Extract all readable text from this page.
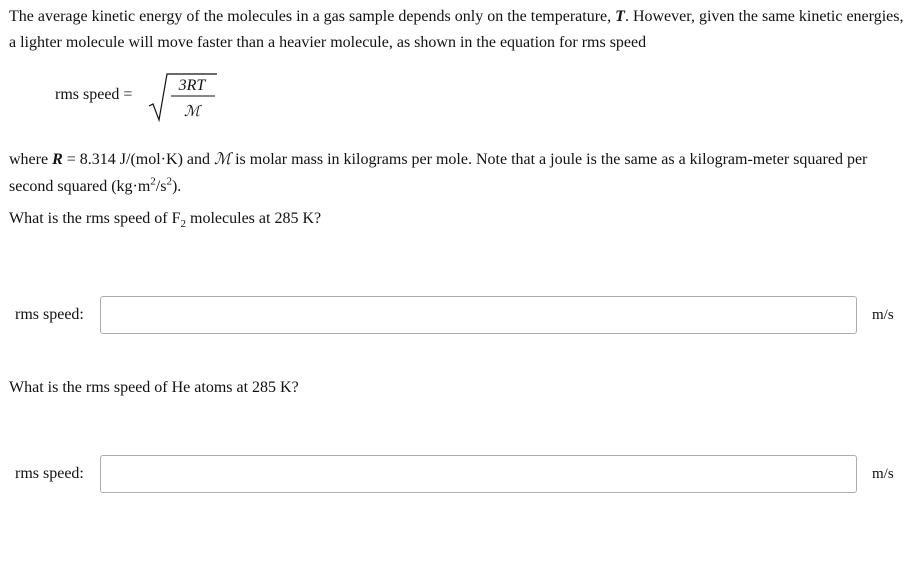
The average kinetic energy of the molecules in a gas sample depends only on the temperature, T. However, given the same kinetic energies, a lighter molecule will move faster than a heavier molecule, as shown in the equation for rms speed
rms speed =
3RT
ℳ
where R = 8.314 J/(mol·K) and ℳ is molar mass in kilograms per mole. Note that a joule is the same as a kilogram-meter squared per second squared $(kg\cdot m^2/s^2)$.
What is the rms speed of $F_2$ molecules at 285 K?
rms speed:	m/s
What is the rms speed of He atoms at 285 K?
rms speed:	m/s
